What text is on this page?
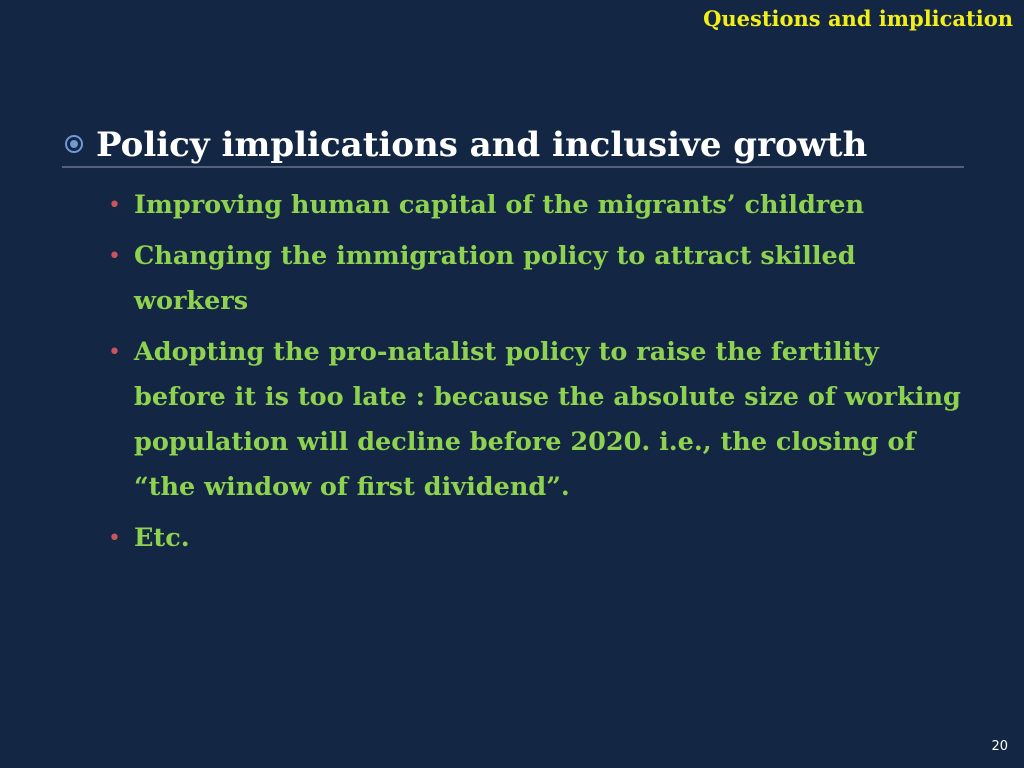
Questions and implication
Policy implications and inclusive growth
• Improving human capital of the migrants’ children
• Changing the immigration policy to attract skilled workers
• Adopting the pro-natalist policy to raise the fertility before it is too late : because the absolute size of working population will decline before 2020. i.e., the closing of “the window of first dividend”.
• Etc.
20
